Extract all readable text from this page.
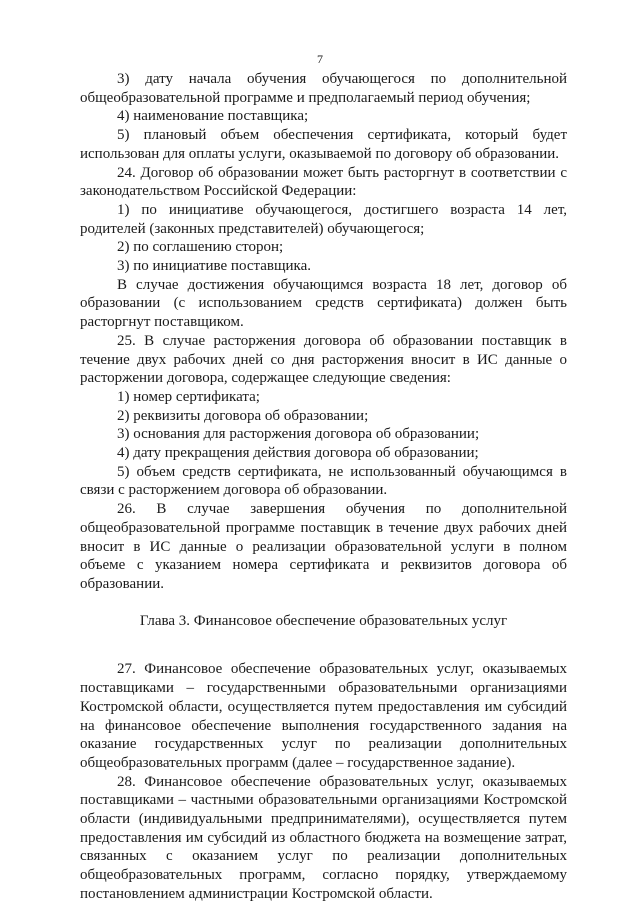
7

3) дату начала обучения обучающегося по дополнительной общеобразовательной программе и предполагаемый период обучения;

4) наименование поставщика;

5) плановый объем обеспечения сертификата, который будет использован для оплаты услуги, оказываемой по договору об образовании.

24. Договор об образовании может быть расторгнут в соответствии с законодательством Российской Федерации:

1) по инициативе обучающегося, достигшего возраста 14 лет, родителей (законных представителей) обучающегося;

2) по соглашению сторон;

3) по инициативе поставщика.

В случае достижения обучающимся возраста 18 лет, договор об образовании (с использованием средств сертификата) должен быть расторгнут поставщиком.

25. В случае расторжения договора об образовании поставщик в течение двух рабочих дней со дня расторжения вносит в ИС данные о расторжении договора, содержащее следующие сведения:

1) номер сертификата;

2) реквизиты договора об образовании;

3) основания для расторжения договора об образовании;

4) дату прекращения действия договора об образовании;

5) объем средств сертификата, не использованный обучающимся в связи с расторжением договора об образовании.

26. В случае завершения обучения по дополнительной общеобразовательной программе поставщик в течение двух рабочих дней вносит в ИС данные о реализации образовательной услуги в полном объеме с указанием номера сертификата и реквизитов договора об образовании.

Глава 3. Финансовое обеспечение образовательных услуг

27. Финансовое обеспечение образовательных услуг, оказываемых поставщиками – государственными образовательными организациями Костромской области, осуществляется путем предоставления им субсидий на финансовое обеспечение выполнения государственного задания на оказание государственных услуг по реализации дополнительных общеобразовательных программ (далее – государственное задание).

28. Финансовое обеспечение образовательных услуг, оказываемых поставщиками – частными образовательными организациями Костромской области (индивидуальными предпринимателями), осуществляется путем предоставления им субсидий из областного бюджета на возмещение затрат, связанных с оказанием услуг по реализации дополнительных общеобразовательных программ, согласно порядку, утверждаемому постановлением администрации Костромской области.
